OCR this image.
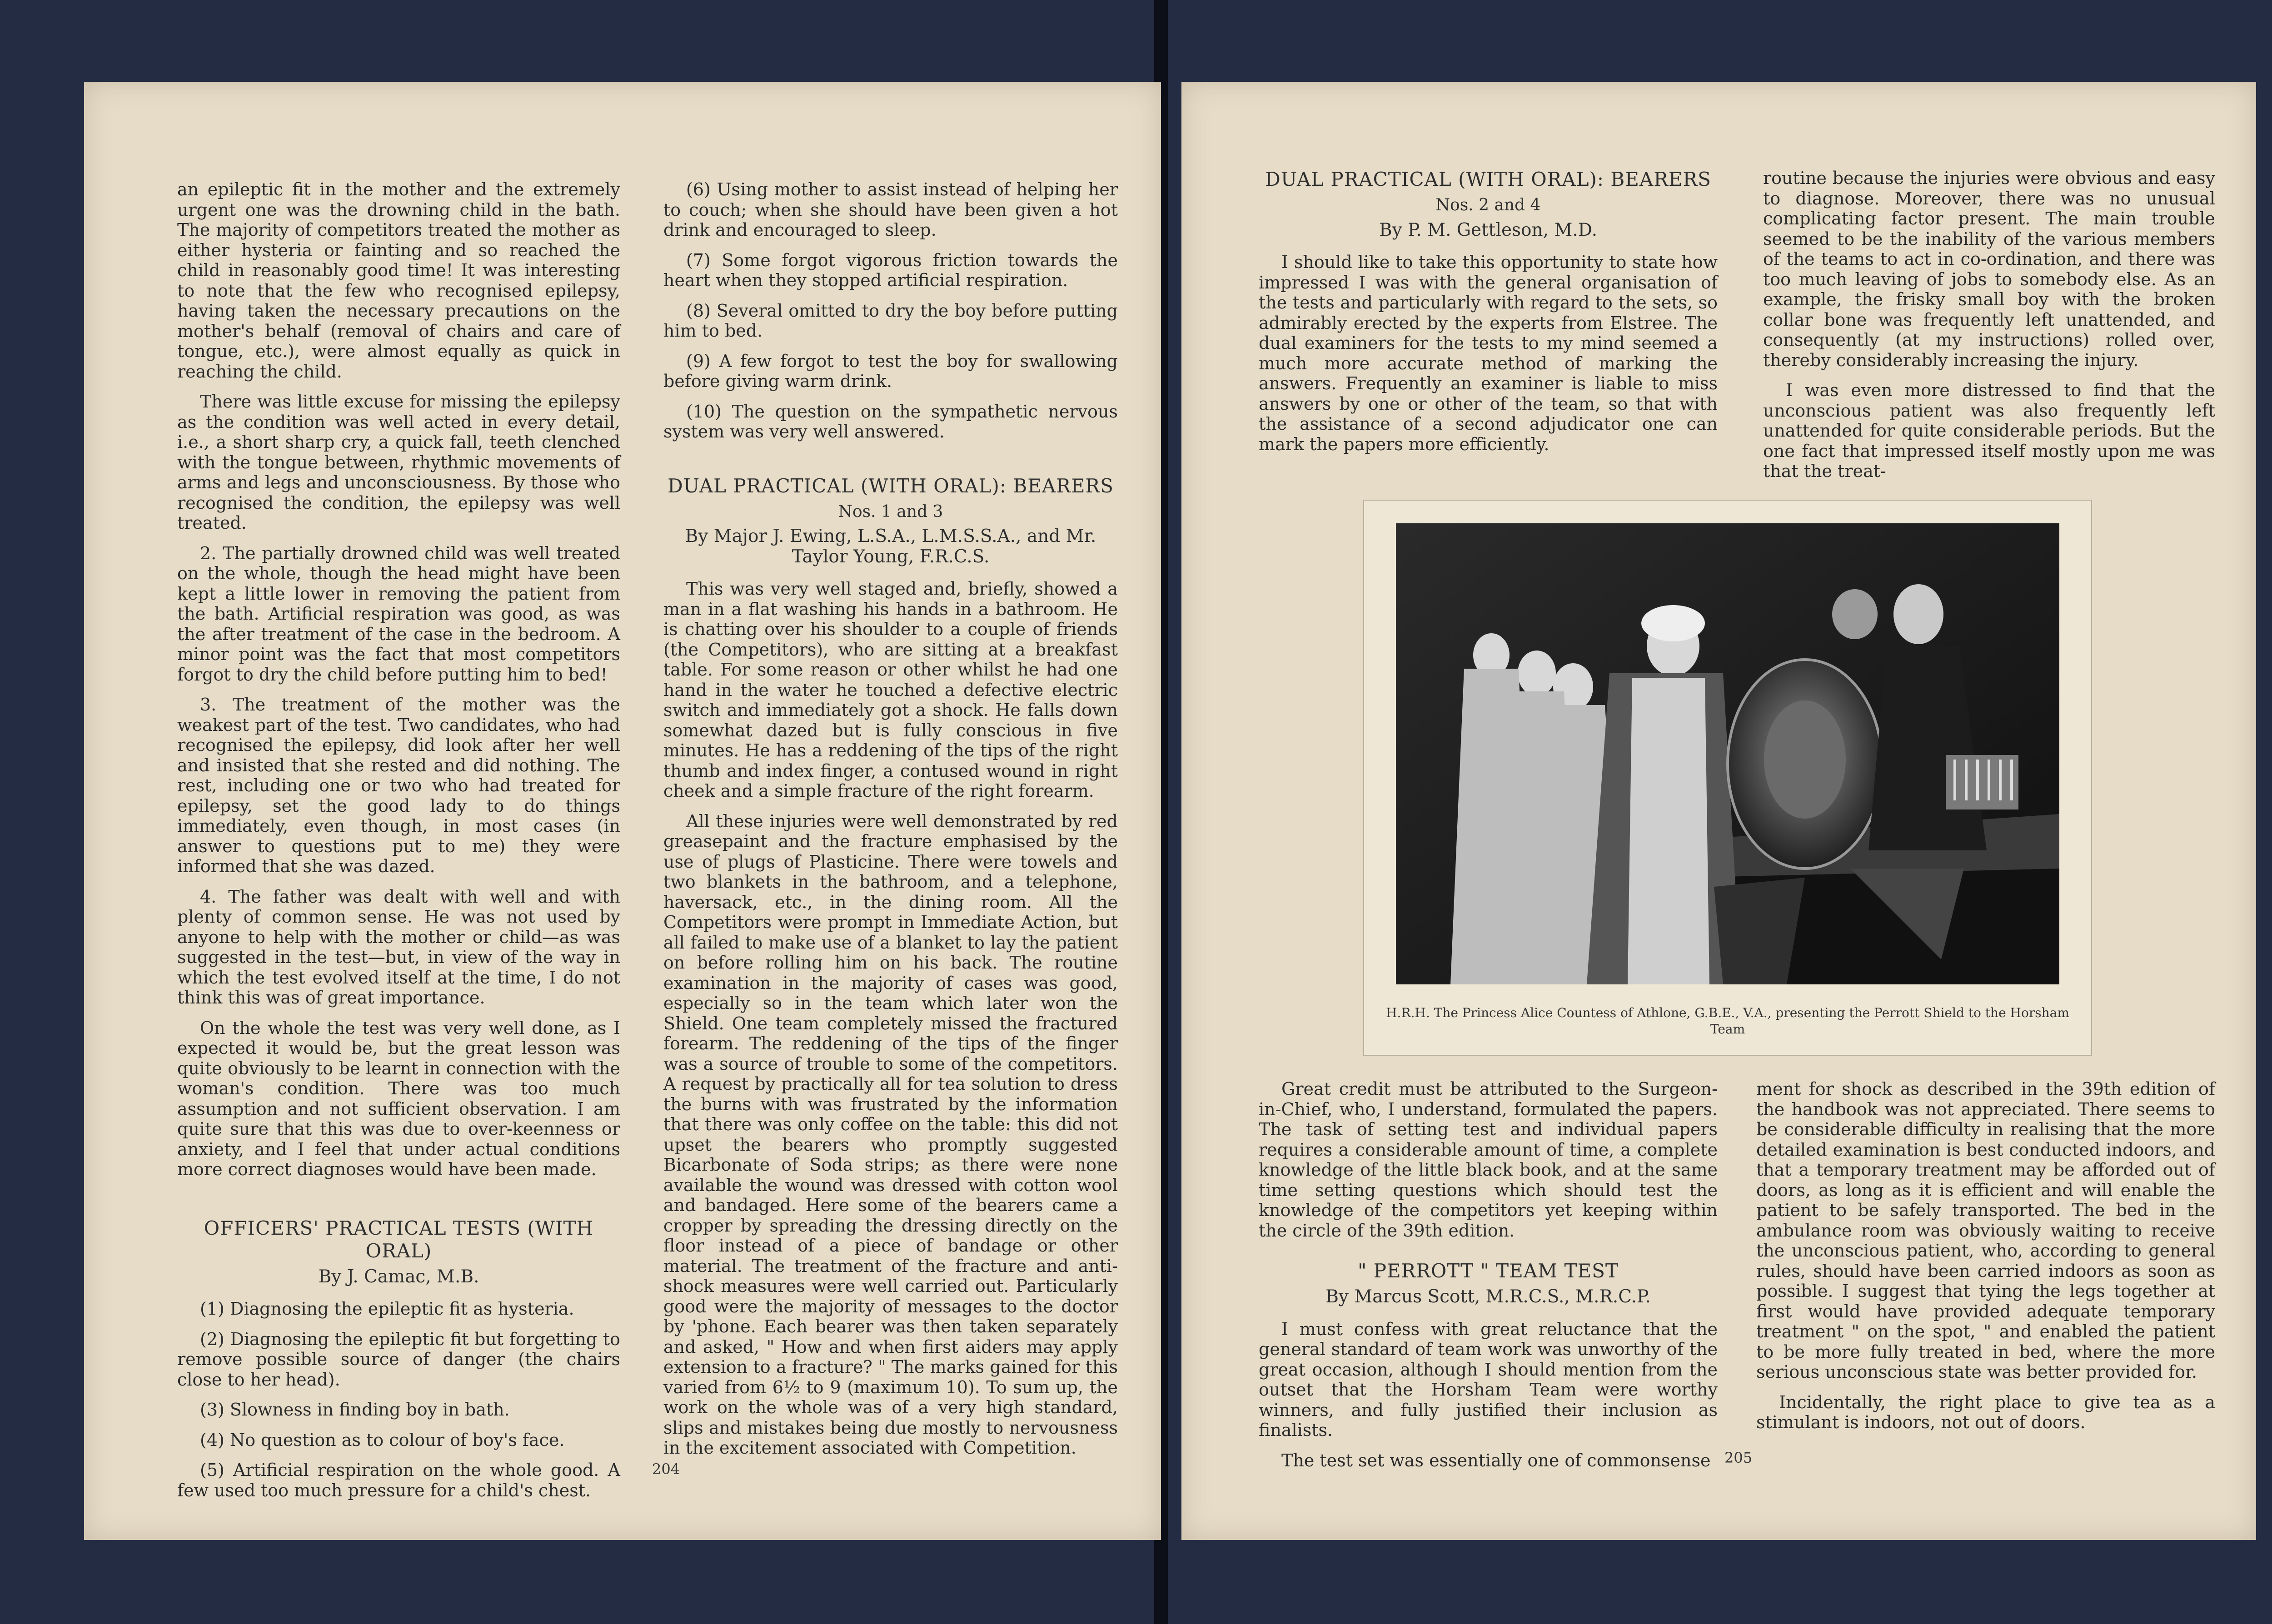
an epileptic fit in the mother and the extremely urgent one was the drowning child in the bath. The majority of competitors treated the mother as either hysteria or fainting and so reached the child in reasonably good time! It was interesting to note that the few who recognised epilepsy, having taken the necessary precautions on the mother's behalf (removal of chairs and care of tongue, etc.), were almost equally as quick in reaching the child.

There was little excuse for missing the epilepsy as the condition was well acted in every detail, i.e., a short sharp cry, a quick fall, teeth clenched with the tongue between, rhythmic movements of arms and legs and unconsciousness. By those who recognised the condition, the epilepsy was well treated.

2. The partially drowned child was well treated on the whole, though the head might have been kept a little lower in removing the patient from the bath. Artificial respiration was good, as was the after treatment of the case in the bedroom. A minor point was the fact that most competitors forgot to dry the child before putting him to bed!

3. The treatment of the mother was the weakest part of the test. Two candidates, who had recognised the epilepsy, did look after her well and insisted that she rested and did nothing. The rest, including one or two who had treated for epilepsy, set the good lady to do things immediately, even though, in most cases (in answer to questions put to me) they were informed that she was dazed.

4. The father was dealt with well and with plenty of common sense. He was not used by anyone to help with the mother or child—as was suggested in the test—but, in view of the way in which the test evolved itself at the time, I do not think this was of great importance.

On the whole the test was very well done, as I expected it would be, but the great lesson was quite obviously to be learnt in connection with the woman's condition. There was too much assumption and not sufficient observation. I am quite sure that this was due to over-keenness or anxiety, and I feel that under actual conditions more correct diagnoses would have been made.

OFFICERS' PRACTICAL TESTS (WITH ORAL)
By J. Camac, M.B.

(1) Diagnosing the epileptic fit as hysteria.

(2) Diagnosing the epileptic fit but forgetting to remove possible source of danger (the chairs close to her head).

(3) Slowness in finding boy in bath.

(4) No question as to colour of boy's face.

(5) Artificial respiration on the whole good. A few used too much pressure for a child's chest.

(6) Using mother to assist instead of helping her to couch; when she should have been given a hot drink and encouraged to sleep.

(7) Some forgot vigorous friction towards the heart when they stopped artificial respiration.

(8) Several omitted to dry the boy before putting him to bed.

(9) A few forgot to test the boy for swallowing before giving warm drink.

(10) The question on the sympathetic nervous system was very well answered.

DUAL PRACTICAL (WITH ORAL): BEARERS
Nos. 1 and 3
By Major J. Ewing, L.S.A., L.M.S.S.A., and Mr. Taylor Young, F.R.C.S.

This was very well staged and, briefly, showed a man in a flat washing his hands in a bathroom. He is chatting over his shoulder to a couple of friends (the Competitors), who are sitting at a breakfast table. For some reason or other whilst he had one hand in the water he touched a defective electric switch and immediately got a shock. He falls down somewhat dazed but is fully conscious in five minutes. He has a reddening of the tips of the right thumb and index finger, a contused wound in right cheek and a simple fracture of the right forearm.

All these injuries were well demonstrated by red greasepaint and the fracture emphasised by the use of plugs of Plasticine. There were towels and two blankets in the bathroom, and a telephone, haversack, etc., in the dining room. All the Competitors were prompt in Immediate Action, but all failed to make use of a blanket to lay the patient on before rolling him on his back. The routine examination in the majority of cases was good, especially so in the team which later won the Shield. One team completely missed the fractured forearm. The reddening of the tips of the finger was a source of trouble to some of the competitors. A request by practically all for tea solution to dress the burns with was frustrated by the information that there was only coffee on the table: this did not upset the bearers who promptly suggested Bicarbonate of Soda strips; as there were none available the wound was dressed with cotton wool and bandaged. Here some of the bearers came a cropper by spreading the dressing directly on the floor instead of a piece of bandage or other material. The treatment of the fracture and anti-shock measures were well carried out. Particularly good were the majority of messages to the doctor by 'phone. Each bearer was then taken separately and asked, " How and when first aiders may apply extension to a fracture? " The marks gained for this varied from 6½ to 9 (maximum 10). To sum up, the work on the whole was of a very high standard, slips and mistakes being due mostly to nervousness in the excitement associated with Competition.

204
DUAL PRACTICAL (WITH ORAL): BEARERS
Nos. 2 and 4
By P. M. Gettleson, M.D.

I should like to take this opportunity to state how impressed I was with the general organisation of the tests and particularly with regard to the sets, so admirably erected by the experts from Elstree. The dual examiners for the tests to my mind seemed a much more accurate method of marking the answers. Frequently an examiner is liable to miss answers by one or other of the team, so that with the assistance of a second adjudicator one can mark the papers more efficiently.

routine because the injuries were obvious and easy to diagnose. Moreover, there was no unusual complicating factor present. The main trouble seemed to be the inability of the various members of the teams to act in co-ordination, and there was too much leaving of jobs to somebody else. As an example, the frisky small boy with the broken collar bone was frequently left unattended, and consequently (at my instructions) rolled over, thereby considerably increasing the injury.

I was even more distressed to find that the unconscious patient was also frequently left unattended for quite considerable periods. But the one fact that impressed itself mostly upon me was that the treat-

H.R.H. The Princess Alice Countess of Athlone, G.B.E., V.A., presenting the Perrott Shield to the Horsham Team

Great credit must be attributed to the Surgeon-in-Chief, who, I understand, formulated the papers. The task of setting test and individual papers requires a considerable amount of time, a complete knowledge of the little black book, and at the same time setting questions which should test the knowledge of the competitors yet keeping within the circle of the 39th edition.

" PERROTT " TEAM TEST
By Marcus Scott, M.R.C.S., M.R.C.P.

I must confess with great reluctance that the general standard of team work was unworthy of the great occasion, although I should mention from the outset that the Horsham Team were worthy winners, and fully justified their inclusion as finalists.

The test set was essentially one of commonsense

ment for shock as described in the 39th edition of the handbook was not appreciated. There seems to be considerable difficulty in realising that the more detailed examination is best conducted indoors, and that a temporary treatment may be afforded out of doors, as long as it is efficient and will enable the patient to be safely transported. The bed in the ambulance room was obviously waiting to receive the unconscious patient, who, according to general rules, should have been carried indoors as soon as possible. I suggest that tying the legs together at first would have provided adequate temporary treatment " on the spot, " and enabled the patient to be more fully treated in bed, where the more serious unconscious state was better provided for.

Incidentally, the right place to give tea as a stimulant is indoors, not out of doors.

205
